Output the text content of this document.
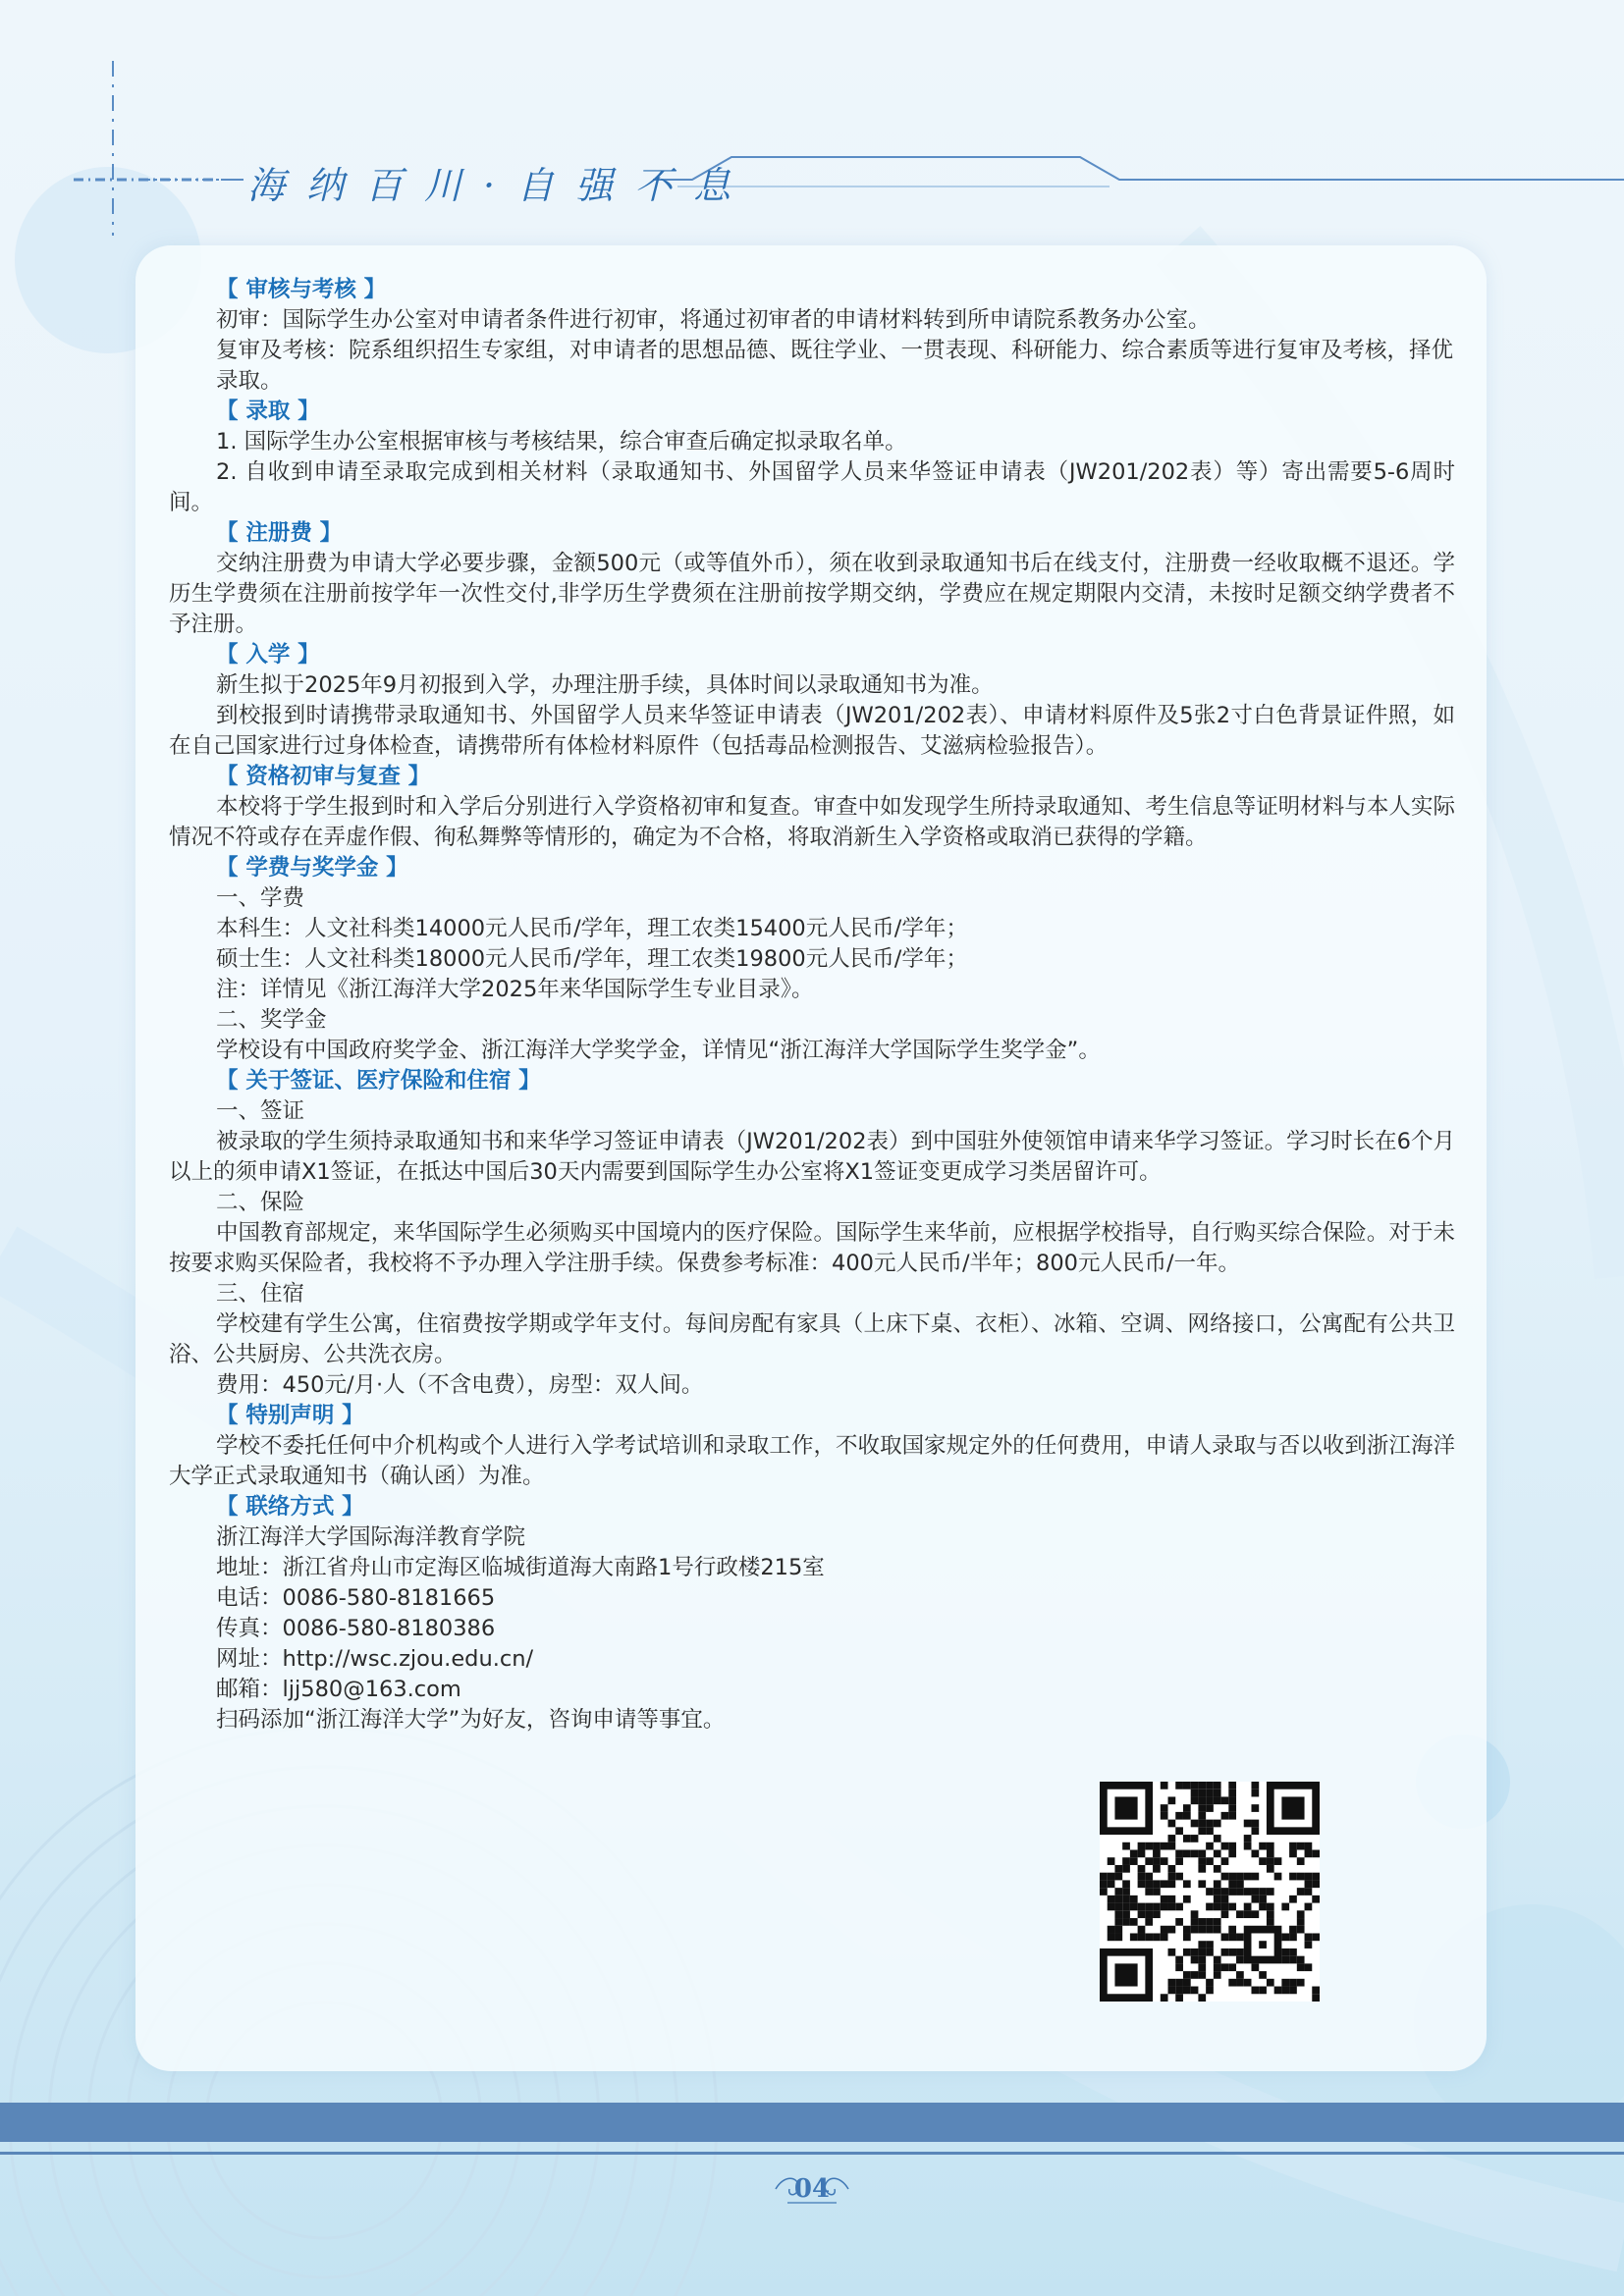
海纳百川·自强不息

【 审核与考核 】

初审：国际学生办公室对申请者条件进行初审，将通过初审者的申请材料转到所申请院系教务办公室。

复审及考核：院系组织招生专家组，对申请者的思想品德、既往学业、一贯表现、科研能力、综合素质等进行复审及考核，择优录取。

【 录取 】

1. 国际学生办公室根据审核与考核结果，综合审查后确定拟录取名单。

2. 自收到申请至录取完成到相关材料（录取通知书、外国留学人员来华签证申请表（JW201/202表）等）寄出需要5-6周时间。

【 注册费 】

交纳注册费为申请大学必要步骤，金额500元（或等值外币），须在收到录取通知书后在线支付，注册费一经收取概不退还。学历生学费须在注册前按学年一次性交付,非学历生学费须在注册前按学期交纳，学费应在规定期限内交清，未按时足额交纳学费者不予注册。

【 入学 】

新生拟于2025年9月初报到入学，办理注册手续，具体时间以录取通知书为准。

到校报到时请携带录取通知书、外国留学人员来华签证申请表（JW201/202表）、申请材料原件及5张2寸白色背景证件照，如在自己国家进行过身体检查，请携带所有体检材料原件（包括毒品检测报告、艾滋病检验报告）。

【 资格初审与复查 】

本校将于学生报到时和入学后分别进行入学资格初审和复查。审查中如发现学生所持录取通知、考生信息等证明材料与本人实际情况不符或存在弄虚作假、徇私舞弊等情形的，确定为不合格，将取消新生入学资格或取消已获得的学籍。

【 学费与奖学金 】

一、学费

本科生：人文社科类14000元人民币/学年，理工农类15400元人民币/学年；

硕士生：人文社科类18000元人民币/学年，理工农类19800元人民币/学年；

注：详情见《浙江海洋大学2025年来华国际学生专业目录》。

二、奖学金

学校设有中国政府奖学金、浙江海洋大学奖学金，详情见“浙江海洋大学国际学生奖学金”。

【 关于签证、医疗保险和住宿 】

一、签证

被录取的学生须持录取通知书和来华学习签证申请表（JW201/202表）到中国驻外使领馆申请来华学习签证。学习时长在6个月以上的须申请X1签证，在抵达中国后30天内需要到国际学生办公室将X1签证变更成学习类居留许可。

二、保险

中国教育部规定，来华国际学生必须购买中国境内的医疗保险。国际学生来华前，应根据学校指导，自行购买综合保险。对于未按要求购买保险者，我校将不予办理入学注册手续。保费参考标准：400元人民币/半年；800元人民币/一年。

三、住宿

学校建有学生公寓，住宿费按学期或学年支付。每间房配有家具（上床下桌、衣柜）、冰箱、空调、网络接口，公寓配有公共卫浴、公共厨房、公共洗衣房。

费用：450元/月·人（不含电费），房型：双人间。

【 特别声明 】

学校不委托任何中介机构或个人进行入学考试培训和录取工作，不收取国家规定外的任何费用，申请人录取与否以收到浙江海洋大学正式录取通知书（确认函）为准。

【 联络方式 】

浙江海洋大学国际海洋教育学院

地址：浙江省舟山市定海区临城街道海大南路1号行政楼215室

电话：0086-580-8181665

传真：0086-580-8180386

网址：http://wsc.zjou.edu.cn/

邮箱：ljj580@163.com

扫码添加“浙江海洋大学”为好友，咨询申请等事宜。

04
